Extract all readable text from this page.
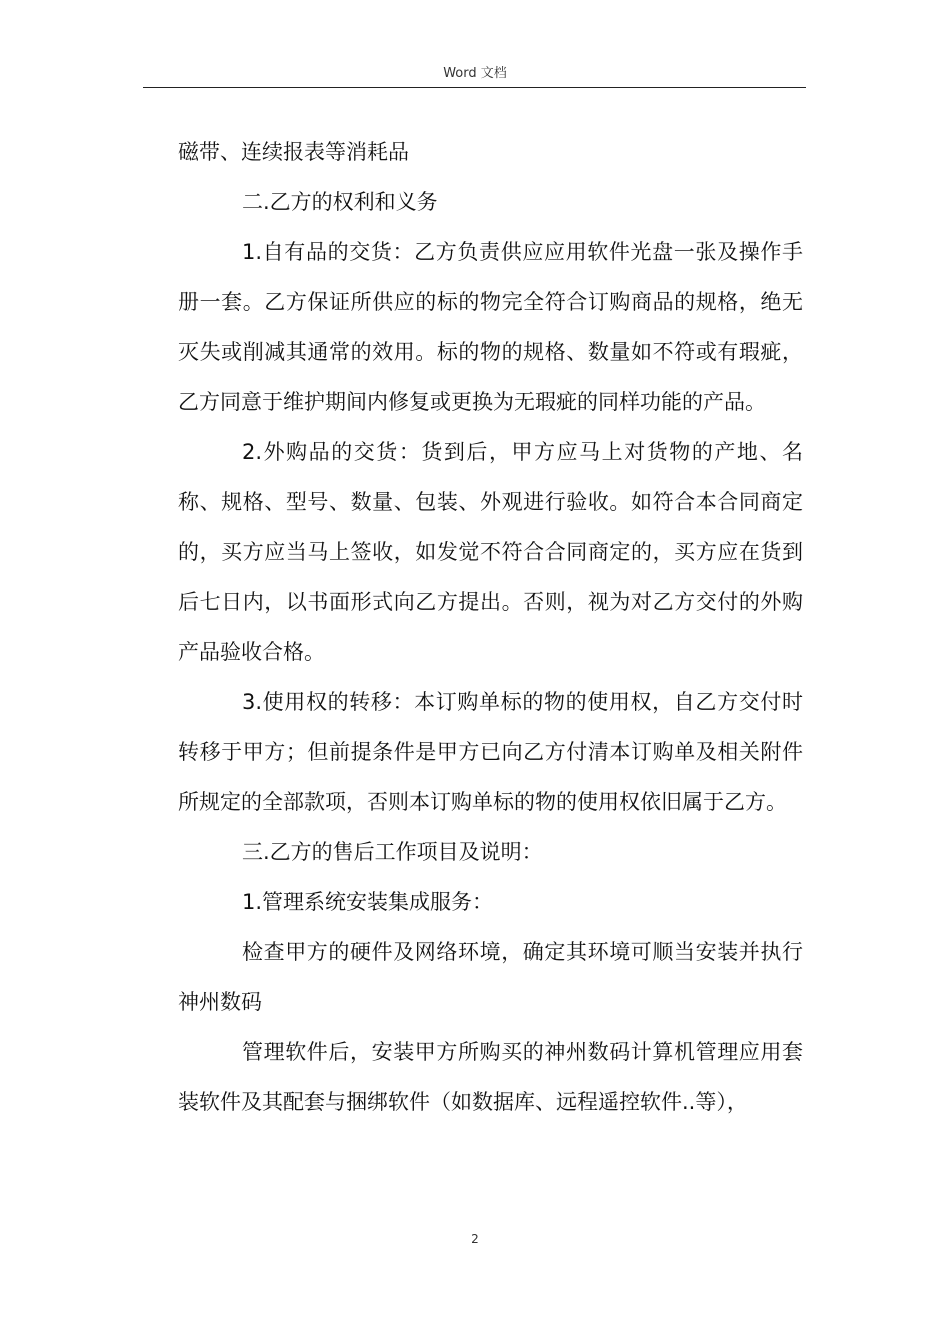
Word 文档

磁带、连续报表等消耗品

二.乙方的权利和义务

1.自有品的交货：乙方负责供应应用软件光盘一张及操作手册一套。乙方保证所供应的标的物完全符合订购商品的规格，绝无灭失或削减其通常的效用。标的物的规格、数量如不符或有瑕疵，乙方同意于维护期间内修复或更换为无瑕疵的同样功能的产品。

2.外购品的交货：货到后，甲方应马上对货物的产地、名称、规格、型号、数量、包装、外观进行验收。如符合本合同商定的，买方应当马上签收，如发觉不符合合同商定的，买方应在货到后七日内，以书面形式向乙方提出。否则，视为对乙方交付的外购产品验收合格。

3.使用权的转移：本订购单标的物的使用权，自乙方交付时转移于甲方；但前提条件是甲方已向乙方付清本订购单及相关附件所规定的全部款项，否则本订购单标的物的使用权依旧属于乙方。

三.乙方的售后工作项目及说明：

1.管理系统安装集成服务：

检查甲方的硬件及网络环境，确定其环境可顺当安装并执行神州数码

管理软件后，安装甲方所购买的神州数码计算机管理应用套装软件及其配套与捆绑软件（如数据库、远程遥控软件..等），

2
